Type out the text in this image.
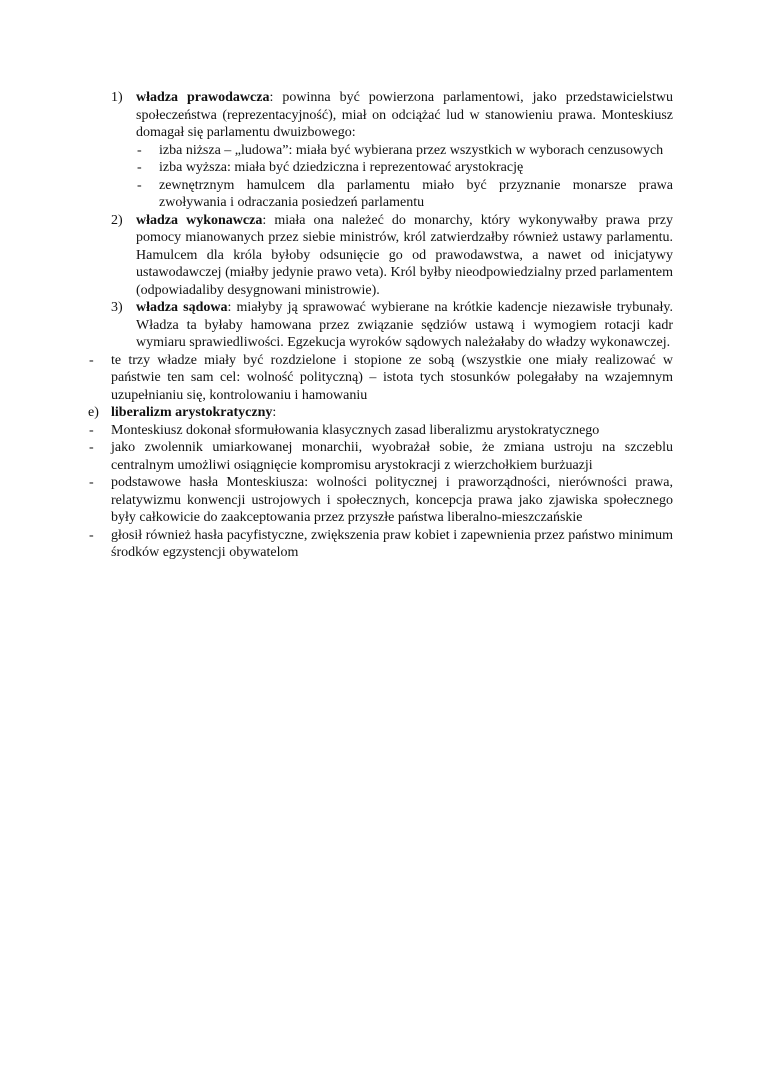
1) władza prawodawcza: powinna być powierzona parlamentowi, jako przedstawicielstwu społeczeństwa (reprezentacyjność), miał on odciążać lud w stanowieniu prawa. Monteskiusz domagał się parlamentu dwuizbowego:
- izba niższa – „ludowa”: miała być wybierana przez wszystkich w wyborach cenzusowych
- izba wyższa: miała być dziedziczna i reprezentować arystokrację
- zewnętrznym hamulcem dla parlamentu miało być przyznanie monarsze prawa zwoływania i odraczania posiedzeń parlamentu
2) władza wykonawcza: miała ona należeć do monarchy, który wykonywałby prawa przy pomocy mianowanych przez siebie ministrów, król zatwierdzałby również ustawy parlamentu. Hamulcem dla króla byłoby odsunięcie go od prawodawstwa, a nawet od inicjatywy ustawodawczej (miałby jedynie prawo veta). Król byłby nieodpowiedzialny przed parlamentem (odpowiadaliby desygnowani ministrowie).
3) władza sądowa: miałyby ją sprawować wybierane na krótkie kadencje niezawisłe trybunały. Władza ta byłaby hamowana przez związanie sędziów ustawą i wymogiem rotacji kadr wymiaru sprawiedliwości. Egzekucja wyroków sądowych należałaby do władzy wykonawczej.
- te trzy władze miały być rozdzielone i stopione ze sobą (wszystkie one miały realizować w państwie ten sam cel: wolność polityczną) – istota tych stosunków polegałaby na wzajemnym uzupełnianiu się, kontrolowaniu i hamowaniu
e) liberalizm arystokratyczny:
- Monteskiusz dokonał sformułowania klasycznych zasad liberalizmu arystokratycznego
- jako zwolennik umiarkowanej monarchii, wyobrażał sobie, że zmiana ustroju na szczeblu centralnym umożliwi osiągnięcie kompromisu arystokracji z wierzchołkiem burżuazji
- podstawowe hasła Monteskiusza: wolności politycznej i praworządności, nierówności prawa, relatywizmu konwencji ustrojowych i społecznych, koncepcja prawa jako zjawiska społecznego były całkowicie do zaakceptowania przez przyszłe państwa liberalno-mieszczańskie
- głosił również hasła pacyfistyczne, zwiększenia praw kobiet i zapewnienia przez państwo minimum środków egzystencji obywatelom
